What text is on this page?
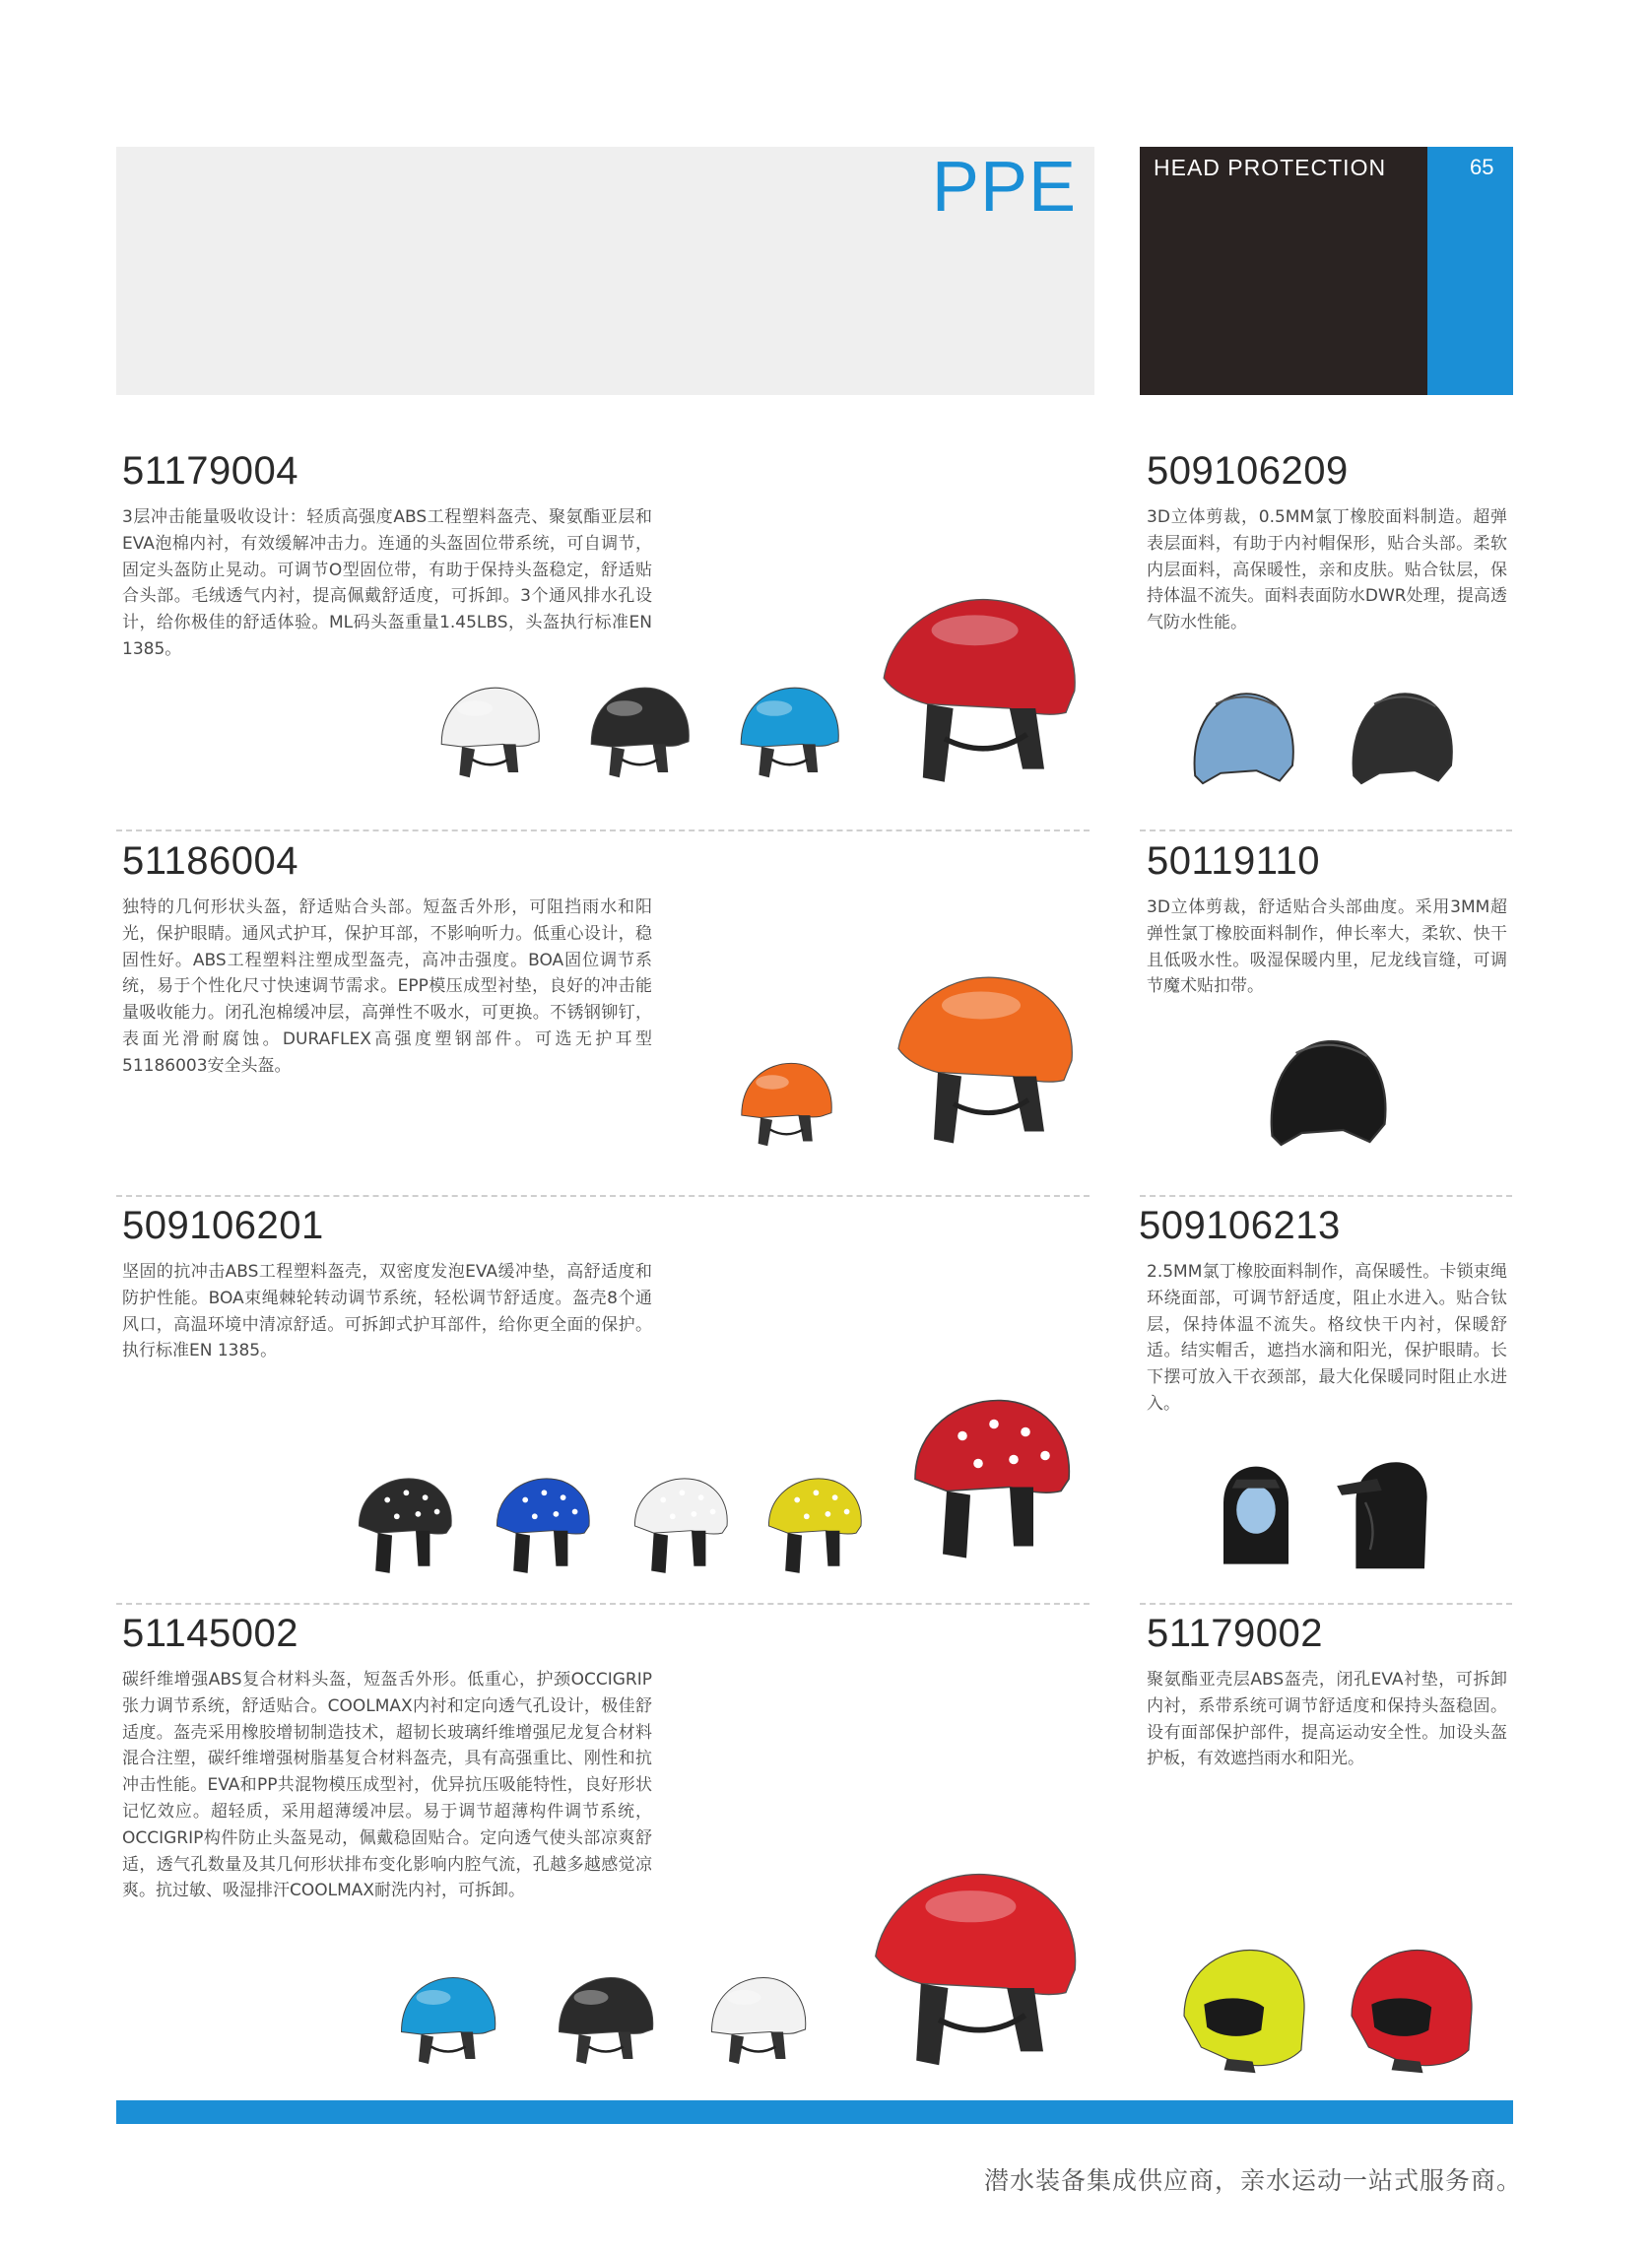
PPE	HEAD PROTECTION	65
51179004
3层冲击能量吸收设计：轻质高强度ABS工程塑料盔壳、聚氨酯亚层和EVA泡棉内衬，有效缓解冲击力。连通的头盔固位带系统，可自调节，固定头盔防止晃动。可调节O型固位带，有助于保持头盔稳定，舒适贴合头部。毛绒透气内衬，提高佩戴舒适度，可拆卸。3个通风排水孔设计，给你极佳的舒适体验。ML码头盔重量1.45LBS，头盔执行标准EN 1385。
509106209
3D立体剪裁，0.5MM氯丁橡胶面料制造。超弹表层面料，有助于内衬帽保形，贴合头部。柔软内层面料，高保暖性，亲和皮肤。贴合钛层，保持体温不流失。面料表面防水DWR处理，提高透气防水性能。
51186004
独特的几何形状头盔，舒适贴合头部。短盔舌外形，可阻挡雨水和阳光，保护眼睛。通风式护耳，保护耳部，不影响听力。低重心设计，稳固性好。ABS工程塑料注塑成型盔壳，高冲击强度。BOA固位调节系统，易于个性化尺寸快速调节需求。EPP模压成型衬垫，良好的冲击能量吸收能力。闭孔泡棉缓冲层，高弹性不吸水，可更换。不锈钢铆钉，表面光滑耐腐蚀。DURAFLEX高强度塑钢部件。可选无护耳型51186003安全头盔。
50119110
3D立体剪裁，舒适贴合头部曲度。采用3MM超弹性氯丁橡胶面料制作，伸长率大，柔软、快干且低吸水性。吸湿保暖内里，尼龙线盲缝，可调节魔术贴扣带。
509106201
坚固的抗冲击ABS工程塑料盔壳，双密度发泡EVA缓冲垫，高舒适度和防护性能。BOA束绳棘轮转动调节系统，轻松调节舒适度。盔壳8个通风口，高温环境中清凉舒适。可拆卸式护耳部件，给你更全面的保护。执行标准EN 1385。
509106213
2.5MM氯丁橡胶面料制作，高保暖性。卡锁束绳环绕面部，可调节舒适度，阻止水进入。贴合钛层，保持体温不流失。格纹快干内衬，保暖舒适。结实帽舌，遮挡水滴和阳光，保护眼睛。长下摆可放入干衣颈部，最大化保暖同时阻止水进入。
51145002
碳纤维增强ABS复合材料头盔，短盔舌外形。低重心，护颈OCCIGRIP张力调节系统，舒适贴合。COOLMAX内衬和定向透气孔设计，极佳舒适度。盔壳采用橡胶增韧制造技术，超韧长玻璃纤维增强尼龙复合材料混合注塑，碳纤维增强树脂基复合材料盔壳，具有高强重比、刚性和抗冲击性能。EVA和PP共混物模压成型衬，优异抗压吸能特性，良好形状记忆效应。超轻质，采用超薄缓冲层。易于调节超薄构件调节系统，OCCIGRIP构件防止头盔晃动，佩戴稳固贴合。定向透气使头部凉爽舒适，透气孔数量及其几何形状排布变化影响内腔气流，孔越多越感觉凉爽。抗过敏、吸湿排汗COOLMAX耐洗内衬，可拆卸。
51179002
聚氨酯亚壳层ABS盔壳，闭孔EVA衬垫，可拆卸内衬，系带系统可调节舒适度和保持头盔稳固。设有面部保护部件，提高运动安全性。加设头盔护板，有效遮挡雨水和阳光。
潜水装备集成供应商，亲水运动一站式服务商。
